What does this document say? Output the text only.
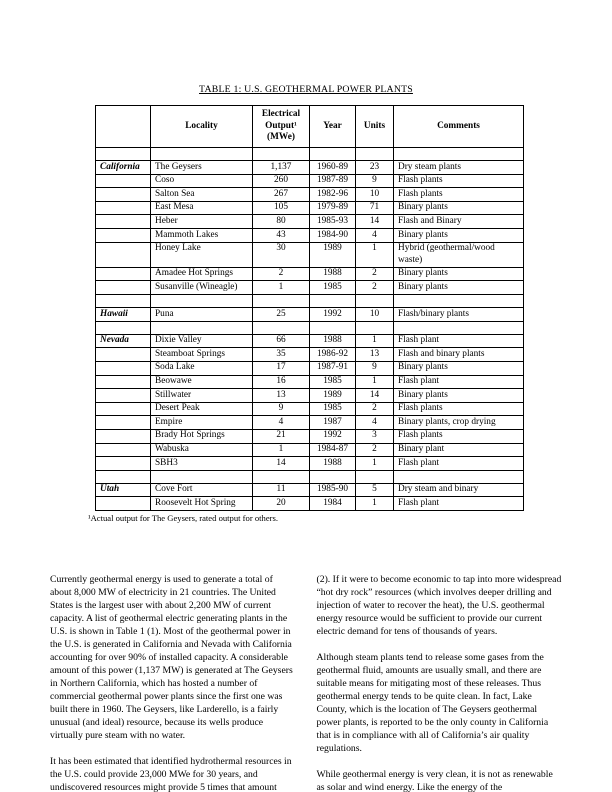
TABLE 1: U.S. GEOTHERMAL POWER PLANTS
	Locality	Electrical Output¹ (MWe)	Year	Units	Comments

California	The Geysers	1,137	1960-89	23	Dry steam plants
	Coso	260	1987-89	9	Flash plants
	Salton Sea	267	1982-96	10	Flash plants
	East Mesa	105	1979-89	71	Binary plants
	Heber	80	1985-93	14	Flash and Binary
	Mammoth Lakes	43	1984-90	4	Binary plants
	Honey Lake	30	1989	1	Hybrid (geothermal/wood waste)
	Amadee Hot Springs	2	1988	2	Binary plants
	Susanville (Wineagle)	1	1985	2	Binary plants

Hawaii	Puna	25	1992	10	Flash/binary plants

Nevada	Dixie Valley	66	1988	1	Flash plant
	Steamboat Springs	35	1986-92	13	Flash and binary plants
	Soda Lake	17	1987-91	9	Binary plants
	Beowawe	16	1985	1	Flash plant
	Stillwater	13	1989	14	Binary plants
	Desert Peak	9	1985	2	Flash plants
	Empire	4	1987	4	Binary plants, crop drying
	Brady Hot Springs	21	1992	3	Flash plants
	Wabuska	1	1984-87	2	Binary plant
	SBH3	14	1988	1	Flash plant

Utah	Cove Fort	11	1985-90	5	Dry steam and binary
	Roosevelt Hot Spring	20	1984	1	Flash plant
¹Actual output for The Geysers, rated output for others.

Currently geothermal energy is used to generate a total of about 8,000 MW of electricity in 21 countries. The United States is the largest user with about 2,200 MW of current capacity. A list of geothermal electric generating plants in the U.S. is shown in Table 1 (1). Most of the geothermal power in the U.S. is generated in California and Nevada with California accounting for over 90% of installed capacity. A considerable amount of this power (1,137 MW) is generated at The Geysers in Northern California, which has hosted a number of commercial geothermal power plants since the first one was built there in 1960. The Geysers, like Larderello, is a fairly unusual (and ideal) resource, because its wells produce virtually pure steam with no water.

It has been estimated that identified hydrothermal resources in the U.S. could provide 23,000 MWe for 30 years, and undiscovered resources might provide 5 times that amount

(2). If it were to become economic to tap into more widespread “hot dry rock” resources (which involves deeper drilling and injection of water to recover the heat), the U.S. geothermal energy resource would be sufficient to provide our current electric demand for tens of thousands of years.

Although steam plants tend to release some gases from the geothermal fluid, amounts are usually small, and there are suitable means for mitigating most of these releases. Thus geothermal energy tends to be quite clean. In fact, Lake County, which is the location of The Geysers geothermal power plants, is reported to be the only county in California that is in compliance with all of California’s air quality regulations.

While geothermal energy is very clean, it is not as renewable as solar and wind energy. Like the energy of the
